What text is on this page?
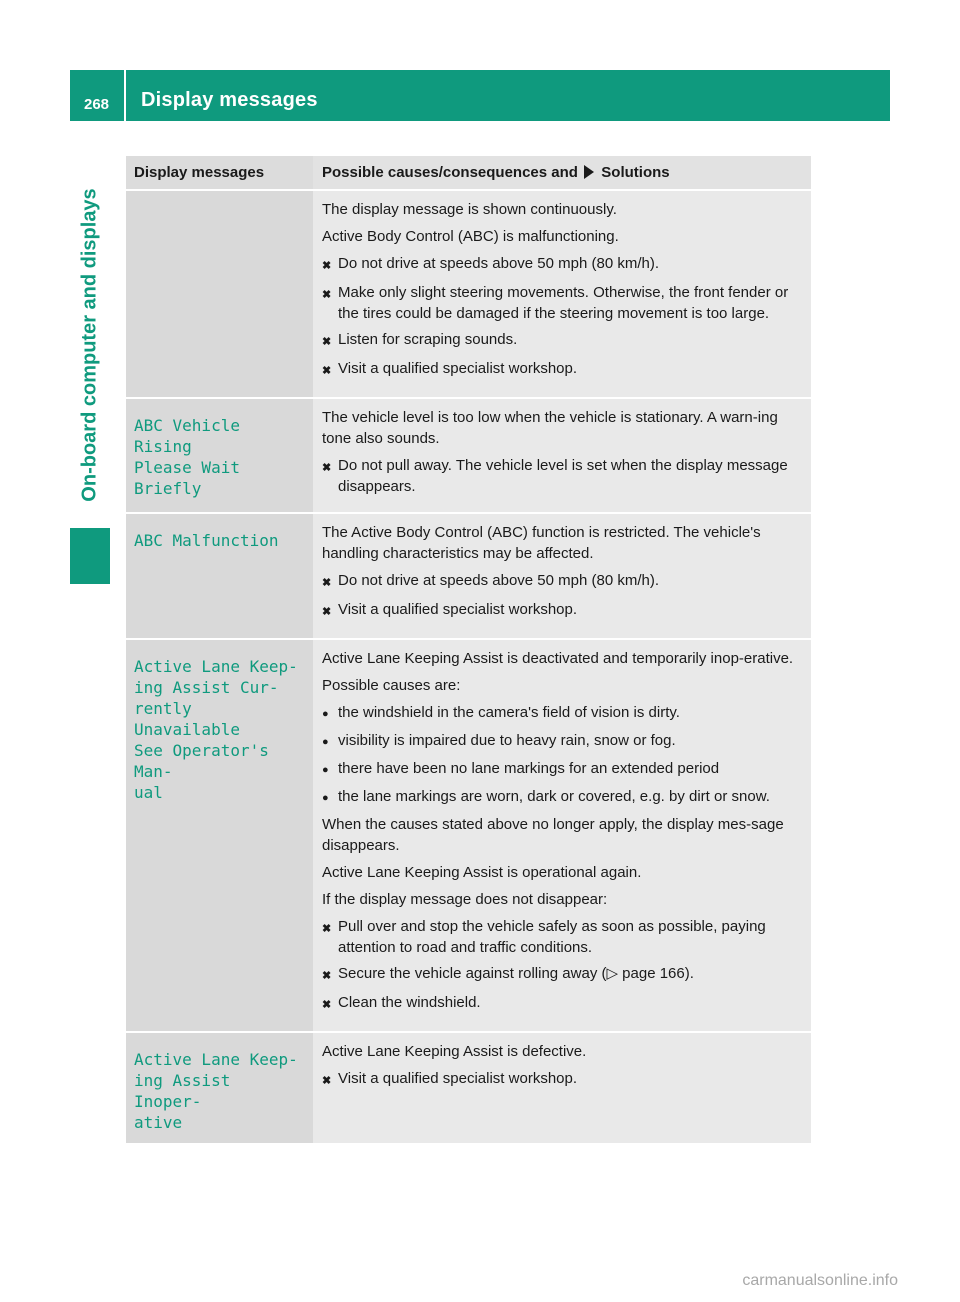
268 Display messages
On-board computer and displays
Display messages	Possible causes/consequences and Solutions

The display message is shown continuously.

Active Body Control (ABC) is malfunctioning.

✖ Do not drive at speeds above 50 mph (80 km/h).
✖ Make only slight steering movements. Otherwise, the front fender or the tires could be damaged if the steering movement is too large.
✖ Listen for scraping sounds.
✖ Visit a qualified specialist workshop.
ABC Vehicle Rising
Please Wait Briefly

The vehicle level is too low when the vehicle is stationary. A warn-ing tone also sounds.

✖ Do not pull away. The vehicle level is set when the display message disappears.
ABC Malfunction	The Active Body Control (ABC) function is restricted. The vehicle's handling characteristics may be affected.

✖ Do not drive at speeds above 50 mph (80 km/h).
✖ Visit a qualified specialist workshop.
Active Lane Keep-
ing Assist Cur-
rently Unavailable
See Operator's Man-
ual

Active Lane Keeping Assist is deactivated and temporarily inop-erative.

Possible causes are:

● the windshield in the camera's field of vision is dirty.
● visibility is impaired due to heavy rain, snow or fog.
● there have been no lane markings for an extended period
● the lane markings are worn, dark or covered, e.g. by dirt or snow.

When the causes stated above no longer apply, the display mes-sage disappears.

Active Lane Keeping Assist is operational again.

If the display message does not disappear:

✖ Pull over and stop the vehicle safely as soon as possible, paying attention to road and traffic conditions.
✖ Secure the vehicle against rolling away (▷ page 166).
✖ Clean the windshield.
Active Lane Keep-
ing Assist Inoper-
ative

Active Lane Keeping Assist is defective.

✖ Visit a qualified specialist workshop.
carmanualsonline.info
